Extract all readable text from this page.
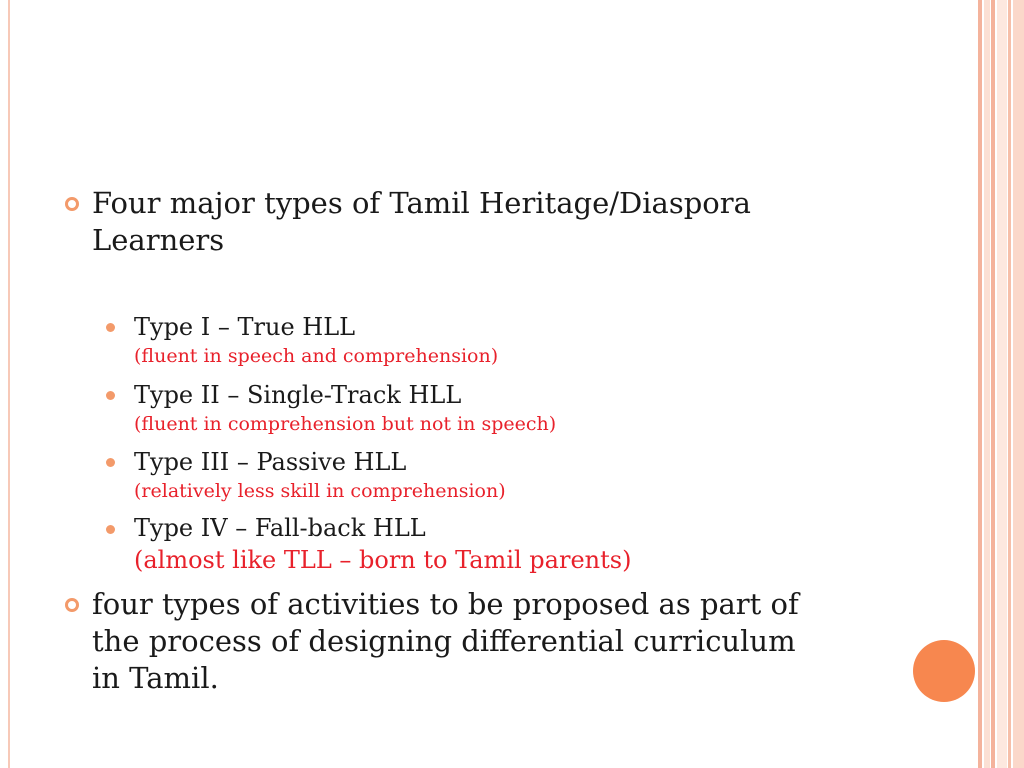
Four major types of Tamil Heritage/Diaspora
Learners
Type I – True HLL
(fluent in speech and comprehension)
Type II – Single-Track HLL
(fluent in comprehension but not in speech)
Type III – Passive HLL
(relatively less skill in comprehension)
Type IV – Fall-back HLL
(almost like TLL – born to Tamil parents)
four types of activities to be proposed as part of
the process of designing differential curriculum
in Tamil.
